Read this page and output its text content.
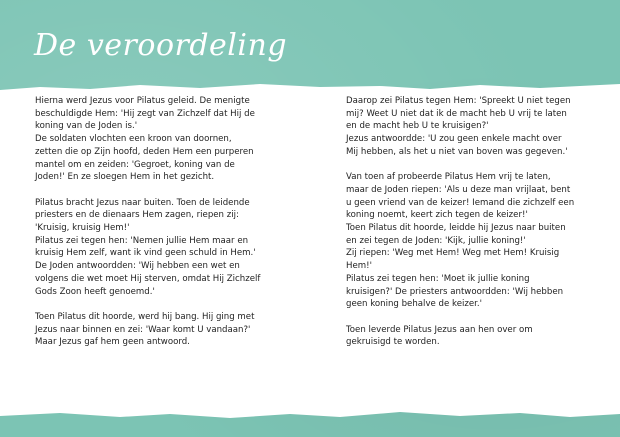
De veroordeling

Hierna werd Jezus voor Pilatus geleid. De menigte
beschuldigde Hem: 'Hij zegt van Zichzelf dat Hij de
koning van de Joden is.'
De soldaten vlochten een kroon van doornen,
zetten die op Zijn hoofd, deden Hem een purperen
mantel om en zeiden: 'Gegroet, koning van de
Joden!' En ze sloegen Hem in het gezicht.

Pilatus bracht Jezus naar buiten. Toen de leidende
priesters en de dienaars Hem zagen, riepen zij:
'Kruisig, kruisig Hem!'
Pilatus zei tegen hen: 'Nemen jullie Hem maar en
kruisig Hem zelf, want ik vind geen schuld in Hem.'
De Joden antwoordden: 'Wij hebben een wet en
volgens die wet moet Hij sterven, omdat Hij Zichzelf
Gods Zoon heeft genoemd.'

Toen Pilatus dit hoorde, werd hij bang. Hij ging met
Jezus naar binnen en zei: 'Waar komt U vandaan?'
Maar Jezus gaf hem geen antwoord.

Daarop zei Pilatus tegen Hem: 'Spreekt U niet tegen
mij? Weet U niet dat ik de macht heb U vrij te laten
en de macht heb U te kruisigen?'
Jezus antwoordde: 'U zou geen enkele macht over
Mij hebben, als het u niet van boven was gegeven.'

Van toen af probeerde Pilatus Hem vrij te laten,
maar de Joden riepen: 'Als u deze man vrijlaat, bent
u geen vriend van de keizer! Iemand die zichzelf een
koning noemt, keert zich tegen de keizer!'
Toen Pilatus dit hoorde, leidde hij Jezus naar buiten
en zei tegen de Joden: 'Kijk, jullie koning!'
Zij riepen: 'Weg met Hem! Weg met Hem! Kruisig
Hem!'
Pilatus zei tegen hen: 'Moet ik jullie koning
kruisigen?' De priesters antwoordden: 'Wij hebben
geen koning behalve de keizer.'

Toen leverde Pilatus Jezus aan hen over om
gekruisigd te worden.
